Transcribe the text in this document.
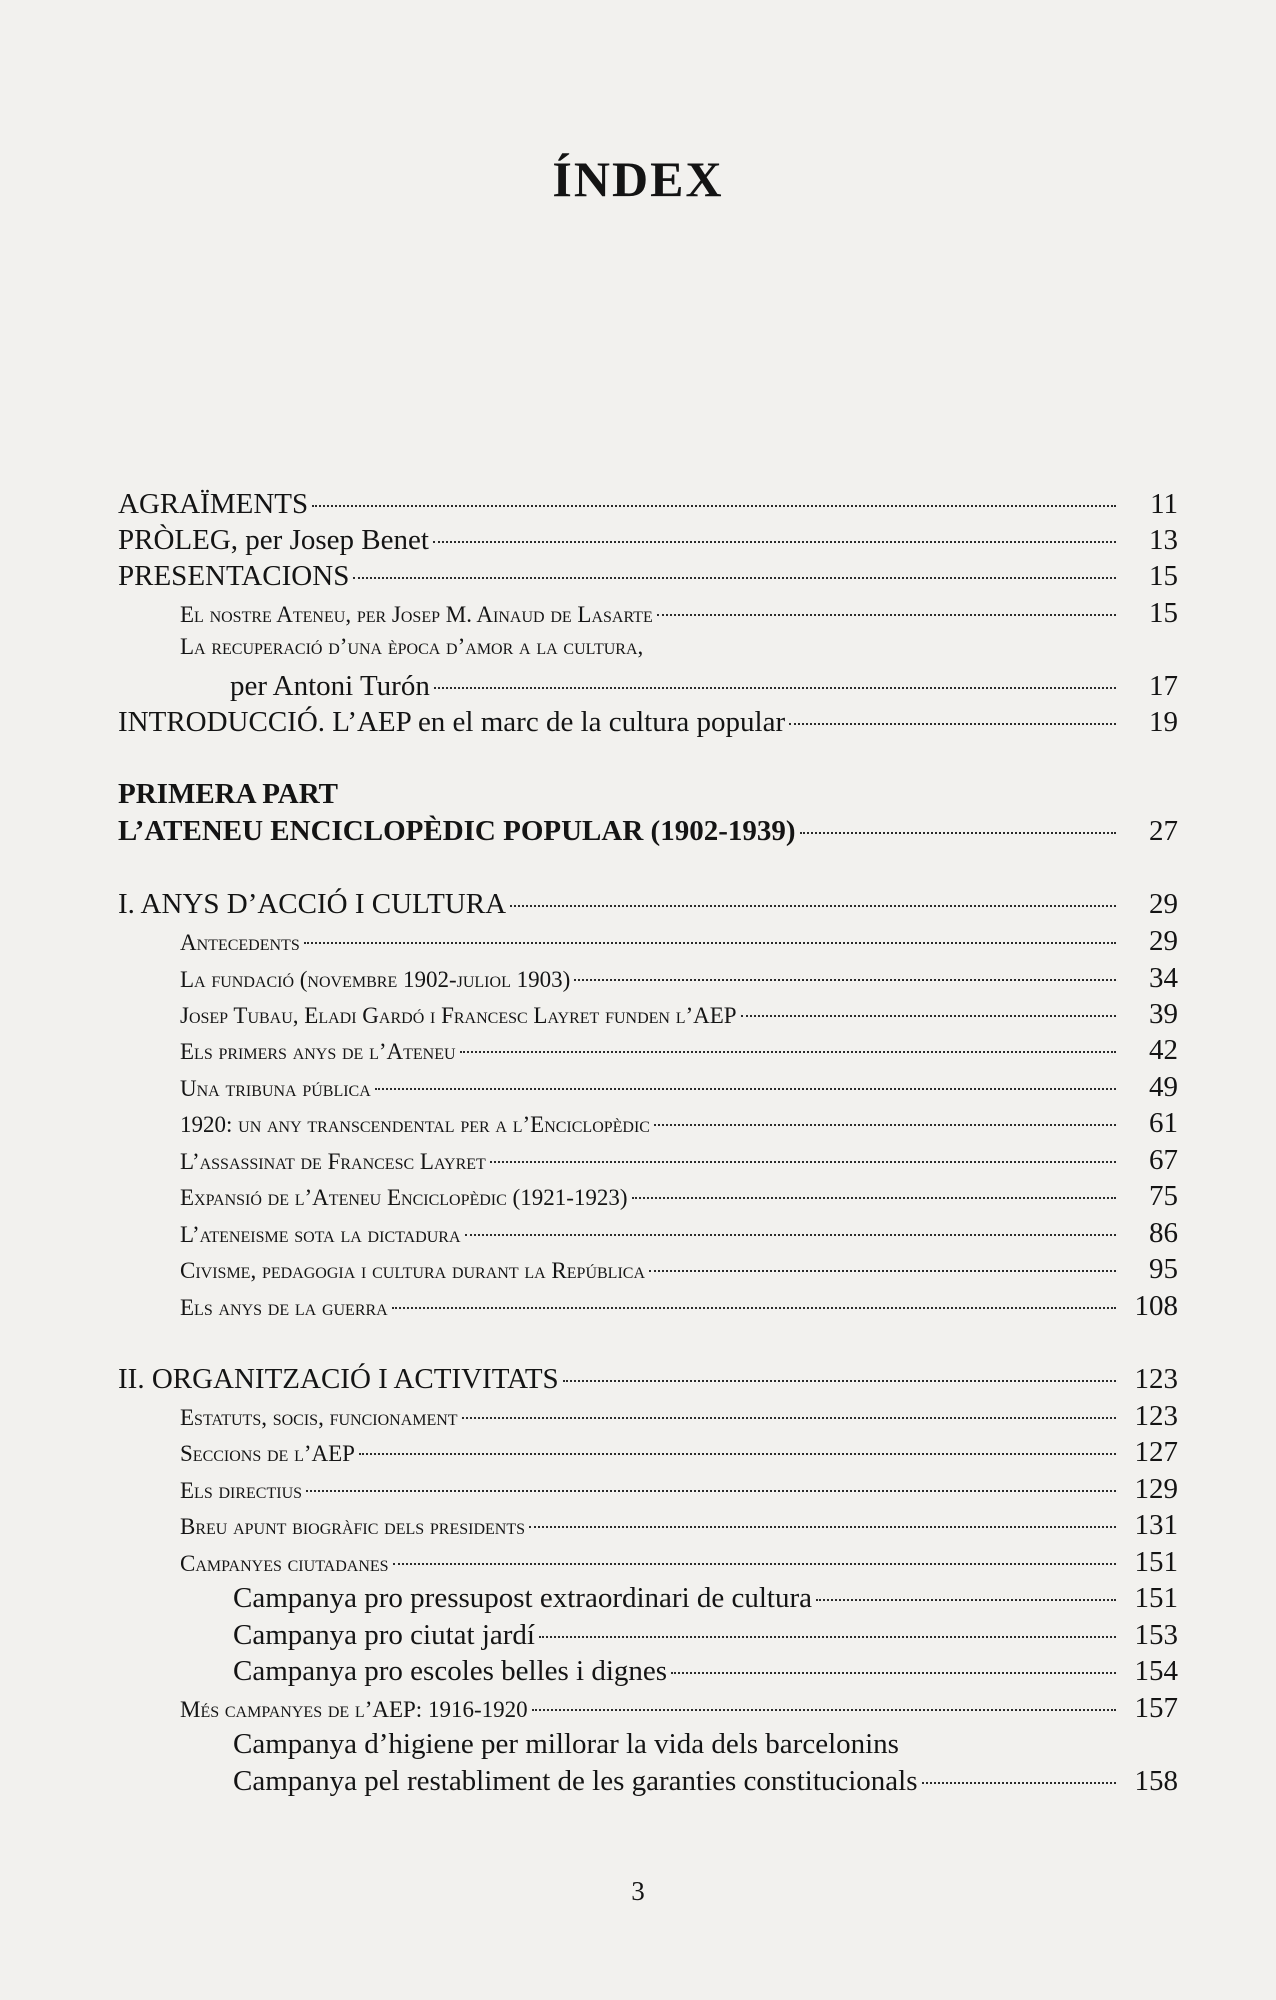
ÍNDEX
AGRAÏMENTS	11
PRÒLEG, per Josep Benet	13
PRESENTACIONS	15
El nostre Ateneu, per Josep M. Ainaud de Lasarte	15
La recuperació d’una època d’amor a la cultura,
per Antoni Turón	17
INTRODUCCIÓ. L’AEP en el marc de la cultura popular	19
PRIMERA PART
L’ATENEU ENCICLOPÈDIC POPULAR (1902-1939)	27
I. ANYS D’ACCIÓ I CULTURA	29
Antecedents	29
La fundació (novembre 1902-juliol 1903)	34
Josep Tubau, Eladi Gardó i Francesc Layret funden l’AEP	39
Els primers anys de l’Ateneu	42
Una tribuna pública	49
1920: un any transcendental per a l’Enciclopèdic	61
L’assassinat de Francesc Layret	67
Expansió de l’Ateneu Enciclopèdic (1921-1923)	75
L’ateneisme sota la dictadura	86
Civisme, pedagogia i cultura durant la República	95
Els anys de la guerra	108
II. ORGANITZACIÓ I ACTIVITATS	123
Estatuts, socis, funcionament	123
Seccions de l’AEP	127
Els directius	129
Breu apunt biogràfic dels presidents	131
Campanyes ciutadanes	151
Campanya pro pressupost extraordinari de cultura	151
Campanya pro ciutat jardí	153
Campanya pro escoles belles i dignes	154
Més campanyes de l’AEP: 1916-1920	157
Campanya d’higiene per millorar la vida dels barcelonins
Campanya pel restabliment de les garanties constitucionals	158
3
